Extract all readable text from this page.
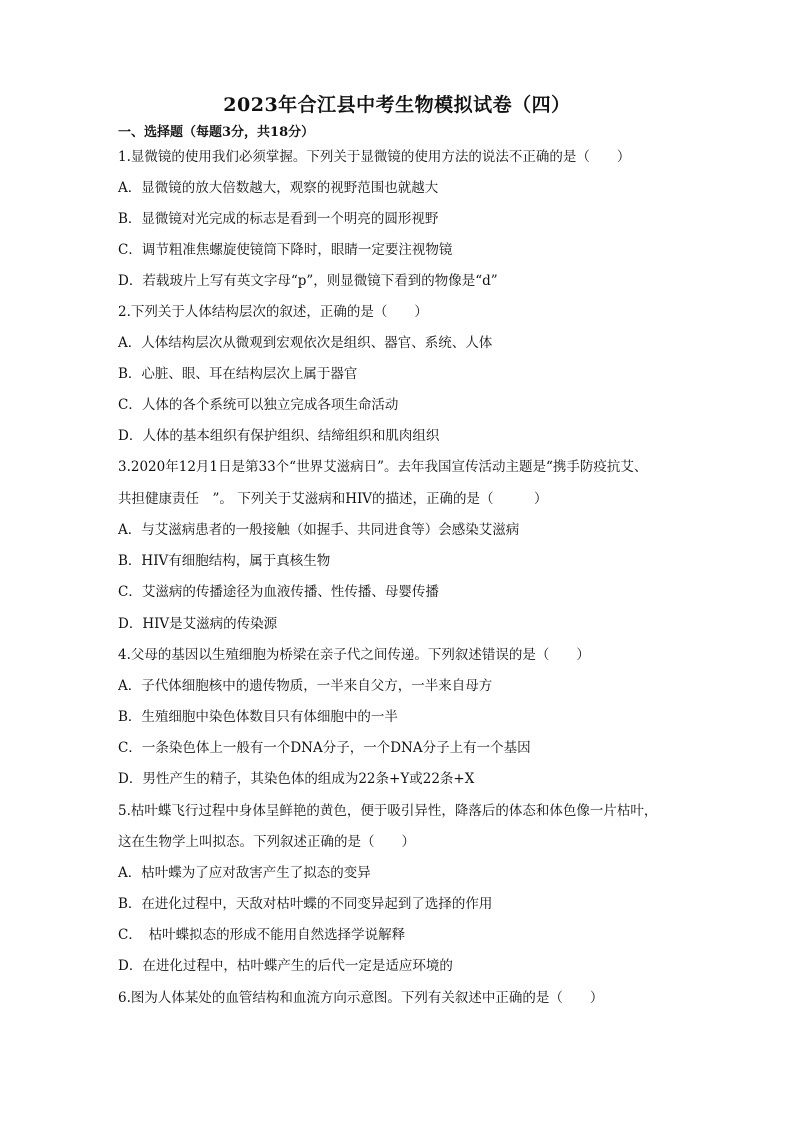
2023年合江县中考生物模拟试卷（四）
一、选择题（每题3分，共18分）
1.显微镜的使用我们必须掌握。下列关于显微镜的使用方法的说法不正确的是（　　）
A．显微镜的放大倍数越大，观察的视野范围也就越大
B．显微镜对光完成的标志是看到一个明亮的圆形视野
C．调节粗准焦螺旋使镜筒下降时，眼睛一定要注视物镜
D．若载玻片上写有英文字母“p”，则显微镜下看到的物像是“d”
2.下列关于人体结构层次的叙述，正确的是（　　）
A．人体结构层次从微观到宏观依次是组织、器官、系统、人体
B．心脏、眼、耳在结构层次上属于器官
C．人体的各个系统可以独立完成各项生命活动
D．人体的基本组织有保护组织、结缔组织和肌肉组织
3.2020年12月1日是第33个“世界艾滋病日”。去年我国宣传活动主题是“携手防疫抗艾、
共担健康责任　”。 下列关于艾滋病和HIV的描述，正确的是（　　　）
A．与艾滋病患者的一般接触（如握手、共同进食等）会感染艾滋病
B．HIV有细胞结构，属于真核生物
C．艾滋病的传播途径为血液传播、性传播、母婴传播
D．HIV是艾滋病的传染源
4.父母的基因以生殖细胞为桥梁在亲子代之间传递。下列叙述错误的是（　　）
A．子代体细胞核中的遗传物质，一半来自父方，一半来自母方
B．生殖细胞中染色体数目只有体细胞中的一半
C．一条染色体上一般有一个DNA分子，一个DNA分子上有一个基因
D．男性产生的精子，其染色体的组成为22条+Y或22条+X
5.枯叶蝶飞行过程中身体呈鲜艳的黄色，便于吸引异性，降落后的体态和体色像一片枯叶，
这在生物学上叫拟态。下列叙述正确的是（　　）
A．枯叶蝶为了应对敌害产生了拟态的变异
B．在进化过程中，天敌对枯叶蝶的不同变异起到了选择的作用
C．　枯叶蝶拟态的形成不能用自然选择学说解释
D．在进化过程中，枯叶蝶产生的后代一定是适应环境的
6.图为人体某处的血管结构和血流方向示意图。下列有关叙述中正确的是（　　）
